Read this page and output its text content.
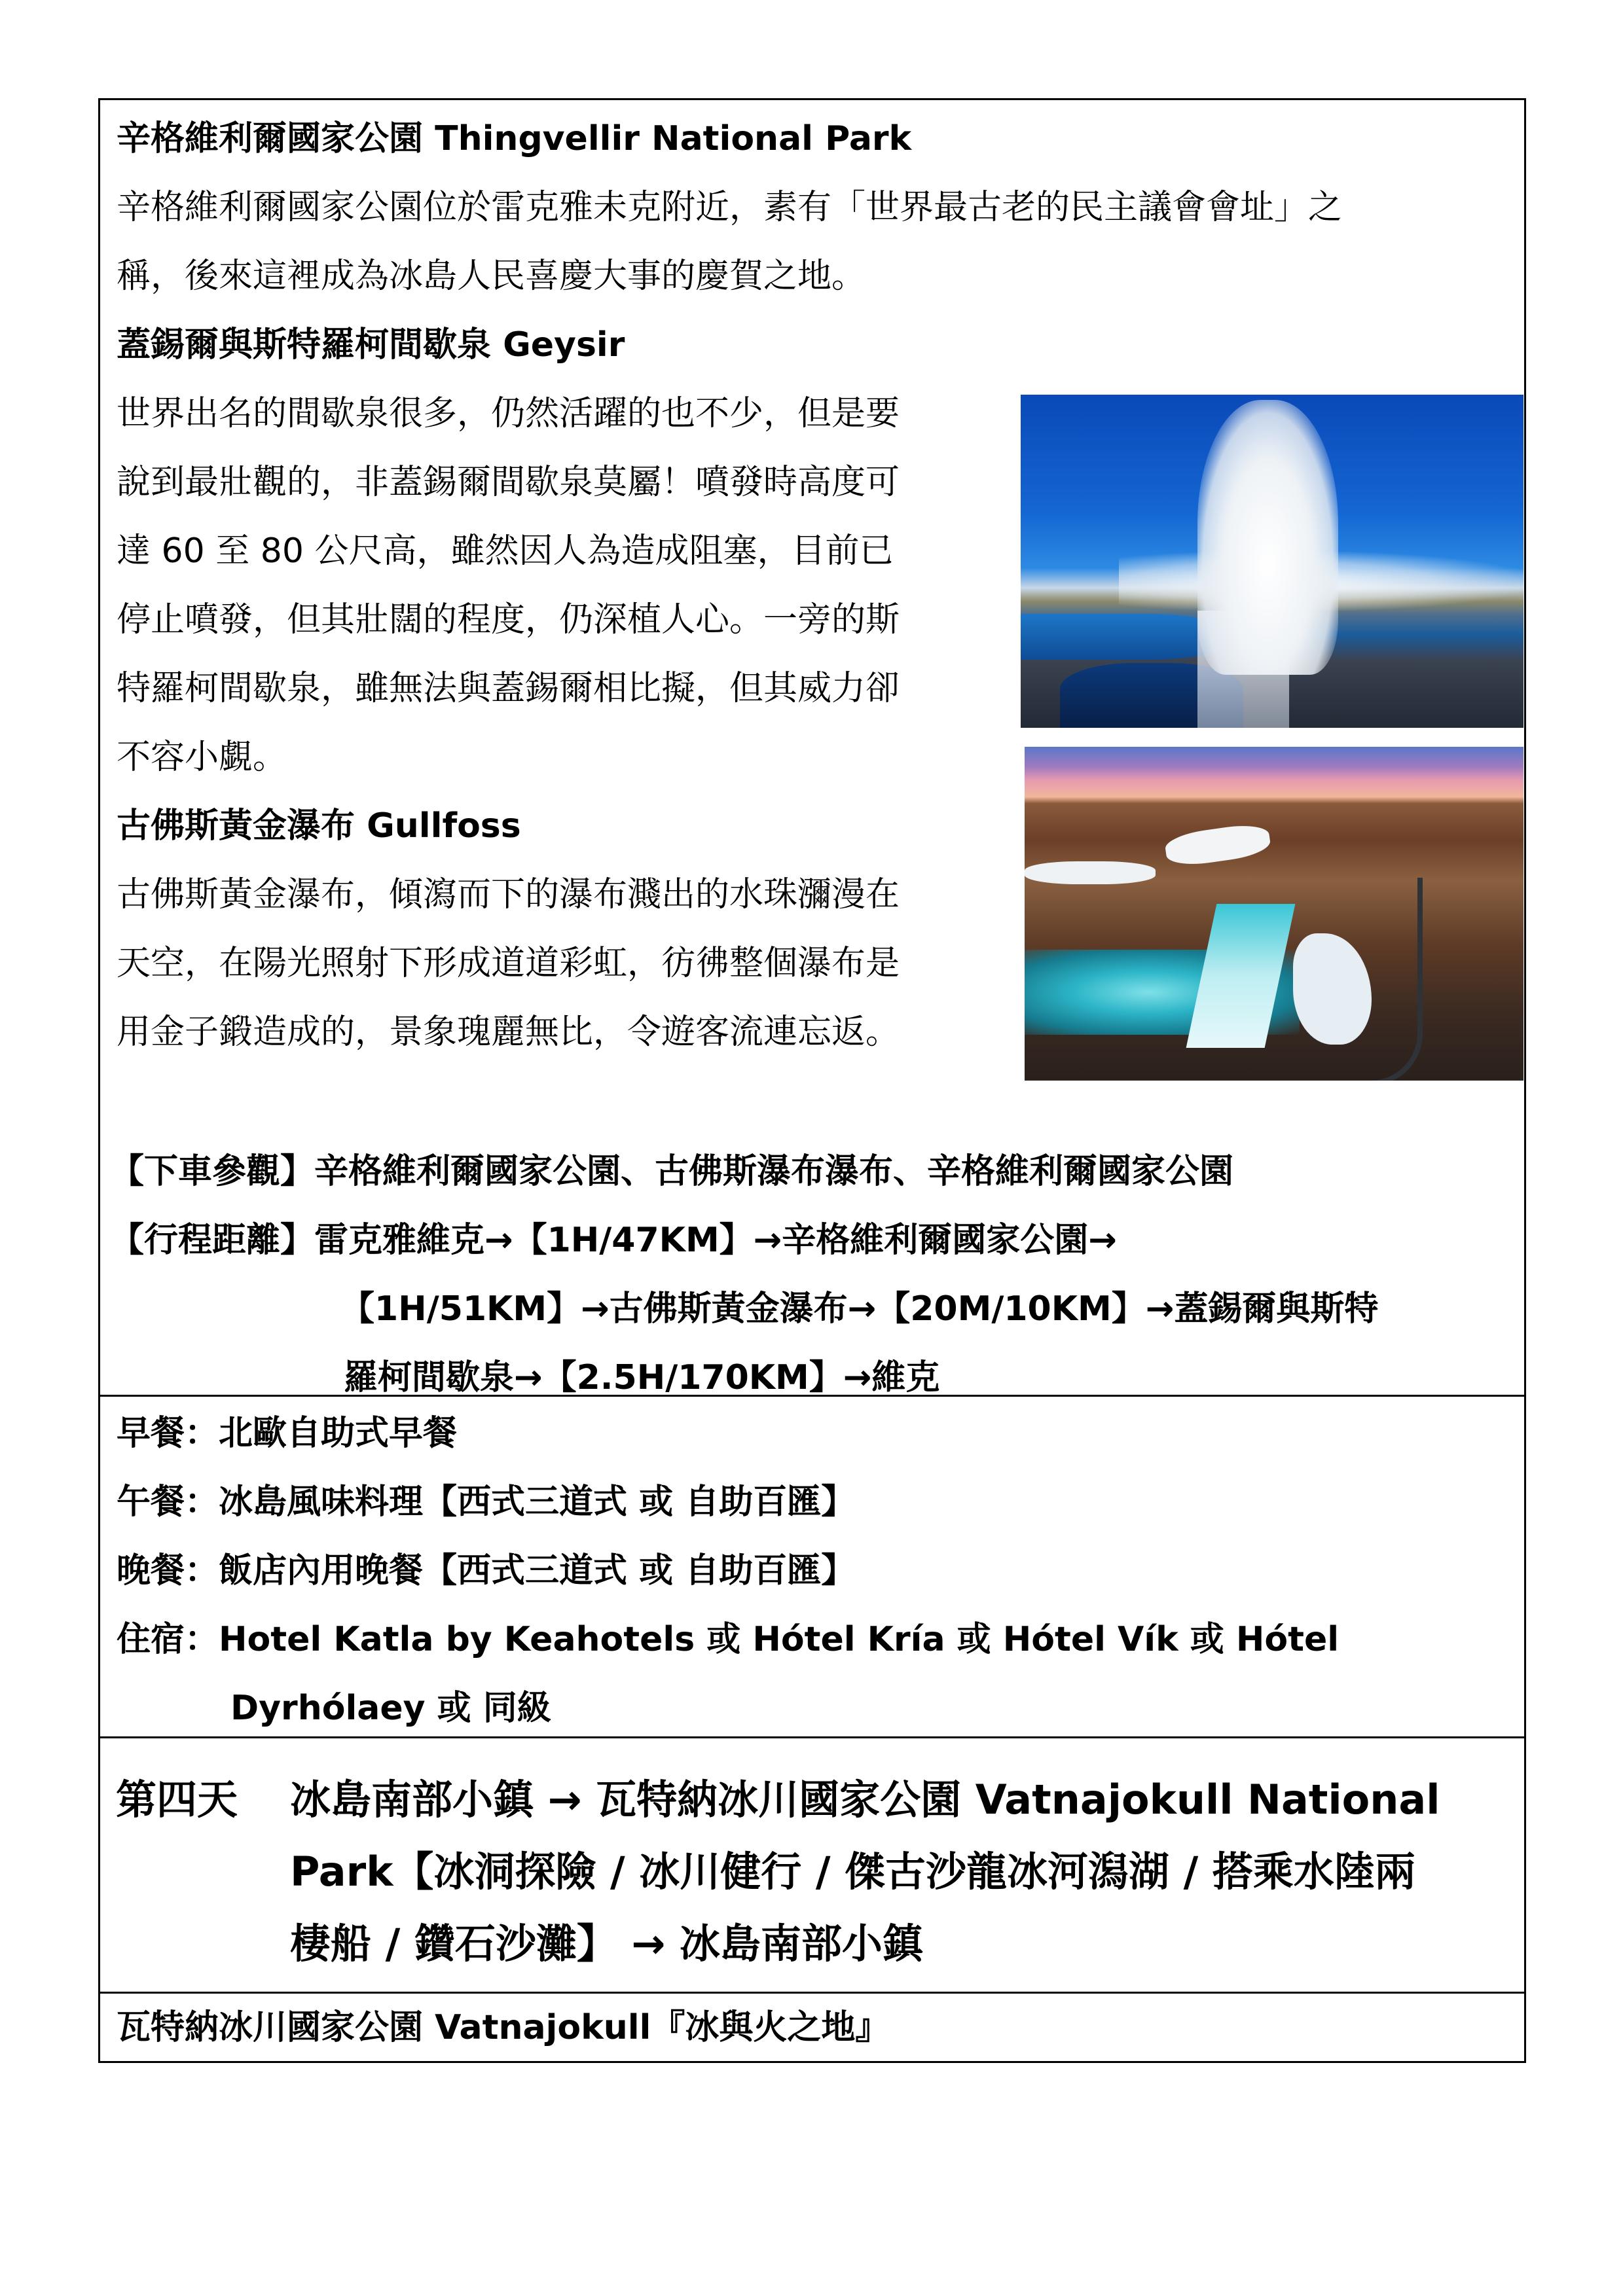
辛格維利爾國家公園 Thingvellir National Park
辛格維利爾國家公園位於雷克雅未克附近，素有「世界最古老的民主議會會址」之
稱，後來這裡成為冰島人民喜慶大事的慶賀之地。
蓋錫爾與斯特羅柯間歇泉 Geysir
世界出名的間歇泉很多，仍然活躍的也不少，但是要
說到最壯觀的，非蓋錫爾間歇泉莫屬！噴發時高度可
達 60 至 80 公尺高，雖然因人為造成阻塞，目前已
停止噴發，但其壯闊的程度，仍深植人心。一旁的斯
特羅柯間歇泉，雖無法與蓋錫爾相比擬，但其威力卻
不容小覷。
古佛斯黃金瀑布 Gullfoss
古佛斯黃金瀑布，傾瀉而下的瀑布濺出的水珠瀰漫在
天空，在陽光照射下形成道道彩虹，彷彿整個瀑布是
用金子鍛造成的，景象瑰麗無比，令遊客流連忘返。
【下車參觀】辛格維利爾國家公園、古佛斯瀑布瀑布、辛格維利爾國家公園
【行程距離】雷克雅維克→【1H/47KM】→辛格維利爾國家公園→
【1H/51KM】→古佛斯黃金瀑布→【20M/10KM】→蓋錫爾與斯特
羅柯間歇泉→【2.5H/170KM】→維克
早餐：北歐自助式早餐
午餐：冰島風味料理【西式三道式 或 自助百匯】
晚餐：飯店內用晚餐【西式三道式 或 自助百匯】
住宿：Hotel Katla by Keahotels 或 Hótel Kría 或 Hótel Vík 或 Hótel
Dyrhólaey 或 同級
第四天 冰島南部小鎮 → 瓦特納冰川國家公園 Vatnajokull National
Park【冰洞探險 / 冰川健行 / 傑古沙龍冰河潟湖 / 搭乘水陸兩
棲船 / 鑽石沙灘】 → 冰島南部小鎮
瓦特納冰川國家公園 Vatnajokull『冰與火之地』
